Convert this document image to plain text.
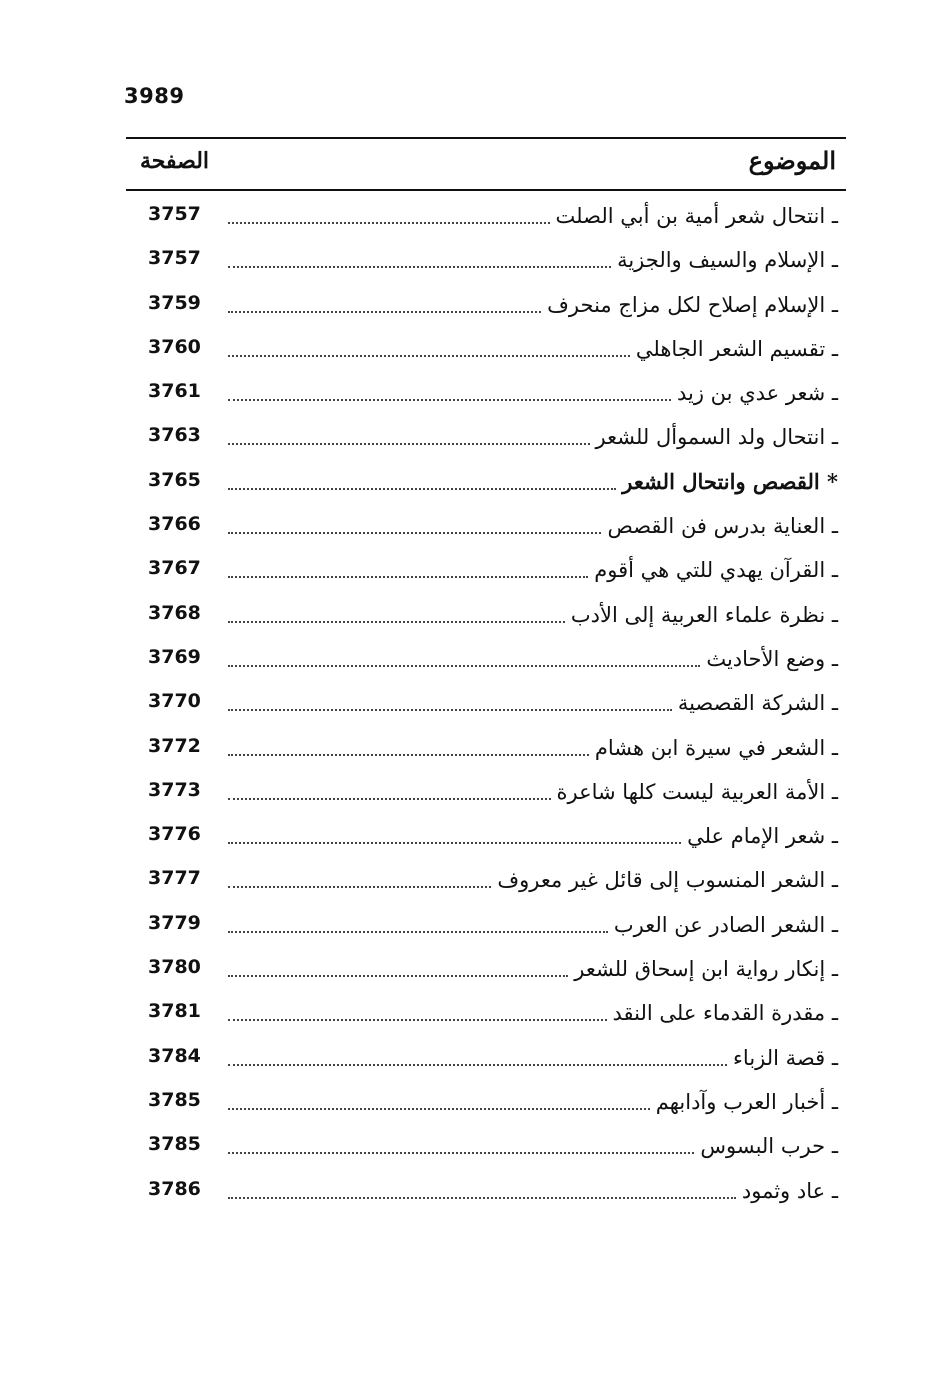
3989
الموضوع
الصفحة
3757	ـ انتحال شعر أمية بن أبي الصلت
3757	ـ الإسلام والسيف والجزية
3759	ـ الإسلام إصلاح لكل مزاج منحرف
3760	ـ تقسيم الشعر الجاهلي
3761	ـ شعر عدي بن زيد
3763	ـ انتحال ولد السموأل للشعر
3765	* القصص وانتحال الشعر
3766	ـ العناية بدرس فن القصص
3767	ـ القرآن يهدي للتي هي أقوم
3768	ـ نظرة علماء العربية إلى الأدب
3769	ـ وضع الأحاديث
3770	ـ الشركة القصصية
3772	ـ الشعر في سيرة ابن هشام
3773	ـ الأمة العربية ليست كلها شاعرة
3776	ـ شعر الإمام علي
3777	ـ الشعر المنسوب إلى قائل غير معروف
3779	ـ الشعر الصادر عن العرب
3780	ـ إنكار رواية ابن إسحاق للشعر
3781	ـ مقدرة القدماء على النقد
3784	ـ قصة الزباء
3785	ـ أخبار العرب وآدابهم
3785	ـ حرب البسوس
3786	ـ عاد وثمود
